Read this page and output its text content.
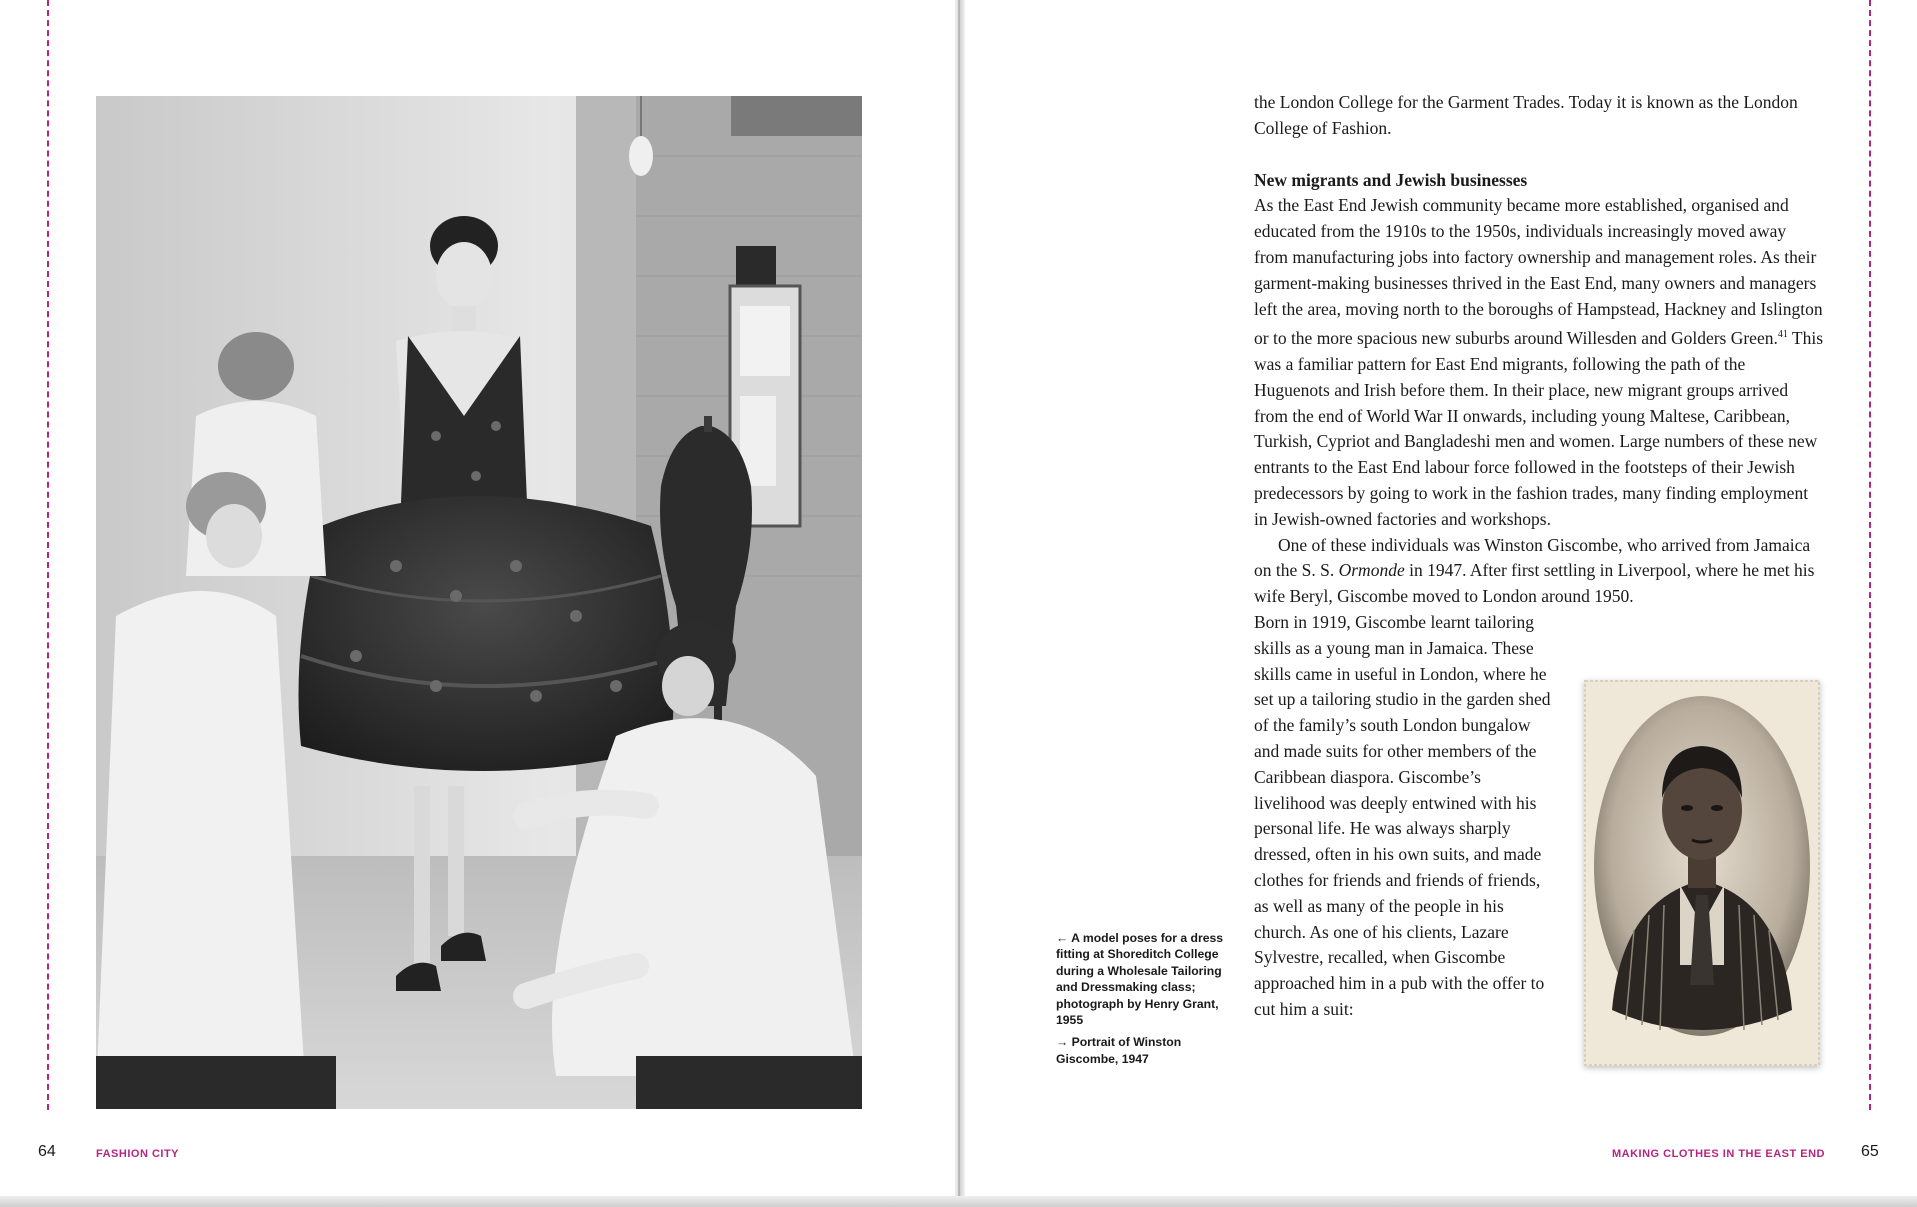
← A model poses for a dress fitting at Shoreditch College during a Wholesale Tailoring and Dressmaking class; photograph by Henry Grant, 1955

→ Portrait of Winston Giscombe, 1947

the London College for the Garment Trades. Today it is known as the London College of Fashion.

New migrants and Jewish businesses

As the East End Jewish community became more established, organised and educated from the 1910s to the 1950s, individuals increasingly moved away from manufacturing jobs into factory ownership and management roles. As their garment-making businesses thrived in the East End, many owners and managers left the area, moving north to the boroughs of Hampstead, Hackney and Islington or to the more spacious new suburbs around Willesden and Golders Green.$^{41}$ This was a familiar pattern for East End migrants, following the path of the Huguenots and Irish before them. In their place, new migrant groups arrived from the end of World War II onwards, including young Maltese, Caribbean, Turkish, Cypriot and Bangladeshi men and women. Large numbers of these new entrants to the East End labour force followed in the footsteps of their Jewish predecessors by going to work in the fashion trades, many finding employment in Jewish-owned factories and workshops.

One of these individuals was Winston Giscombe, who arrived from Jamaica on the S. S. Ormonde in 1947. After first settling in Liverpool, where he met his wife Beryl, Giscombe moved to London around 1950.

Born in 1919, Giscombe learnt tailoring skills as a young man in Jamaica. These skills came in useful in London, where he set up a tailoring studio in the garden shed of the family’s south London bungalow and made suits for other members of the Caribbean diaspora. Giscombe’s livelihood was deeply entwined with his personal life. He was always sharply dressed, often in his own suits, and made clothes for friends and friends of friends, as well as many of the people in his church. As one of his clients, Lazare Sylvestre, recalled, when Giscombe approached him in a pub with the offer to cut him a suit:

64	FASHION CITY	MAKING CLOTHES IN THE EAST END 65
